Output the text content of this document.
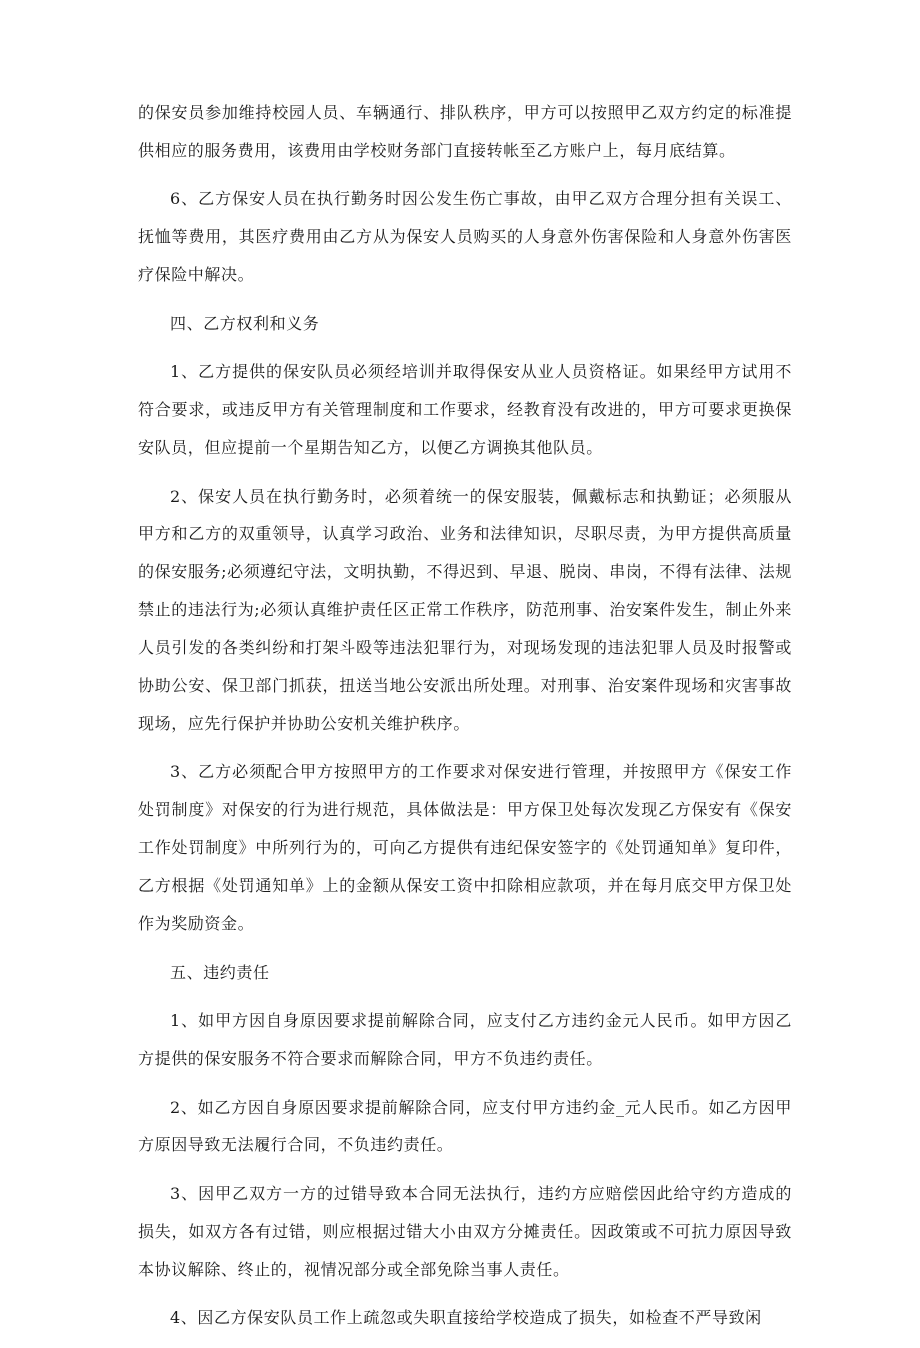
的保安员参加维持校园人员、车辆通行、排队秩序，甲方可以按照甲乙双方约定的标准提供相应的服务费用，该费用由学校财务部门直接转帐至乙方账户上，每月底结算。

6、乙方保安人员在执行勤务时因公发生伤亡事故，由甲乙双方合理分担有关误工、抚恤等费用，其医疗费用由乙方从为保安人员购买的人身意外伤害保险和人身意外伤害医疗保险中解决。

四、乙方权利和义务

1、乙方提供的保安队员必须经培训并取得保安从业人员资格证。如果经甲方试用不符合要求，或违反甲方有关管理制度和工作要求，经教育没有改进的，甲方可要求更换保安队员，但应提前一个星期告知乙方，以便乙方调换其他队员。

2、保安人员在执行勤务时，必须着统一的保安服装，佩戴标志和执勤证；必须服从甲方和乙方的双重领导，认真学习政治、业务和法律知识，尽职尽责，为甲方提供高质量的保安服务;必须遵纪守法，文明执勤，不得迟到、早退、脱岗、串岗，不得有法律、法规禁止的违法行为;必须认真维护责任区正常工作秩序，防范刑事、治安案件发生，制止外来人员引发的各类纠纷和打架斗殴等违法犯罪行为，对现场发现的违法犯罪人员及时报警或协助公安、保卫部门抓获，扭送当地公安派出所处理。对刑事、治安案件现场和灾害事故现场，应先行保护并协助公安机关维护秩序。

3、乙方必须配合甲方按照甲方的工作要求对保安进行管理，并按照甲方《保安工作处罚制度》对保安的行为进行规范，具体做法是：甲方保卫处每次发现乙方保安有《保安工作处罚制度》中所列行为的，可向乙方提供有违纪保安签字的《处罚通知单》复印件，乙方根据《处罚通知单》上的金额从保安工资中扣除相应款项，并在每月底交甲方保卫处作为奖励资金。

五、违约责任

1、如甲方因自身原因要求提前解除合同，应支付乙方违约金元人民币。如甲方因乙方提供的保安服务不符合要求而解除合同，甲方不负违约责任。

2、如乙方因自身原因要求提前解除合同，应支付甲方违约金_元人民币。如乙方因甲方原因导致无法履行合同，不负违约责任。

3、因甲乙双方一方的过错导致本合同无法执行，违约方应赔偿因此给守约方造成的损失，如双方各有过错，则应根据过错大小由双方分摊责任。因政策或不可抗力原因导致本协议解除、终止的，视情况部分或全部免除当事人责任。

4、因乙方保安队员工作上疏忽或失职直接给学校造成了损失，如检查不严导致闲
